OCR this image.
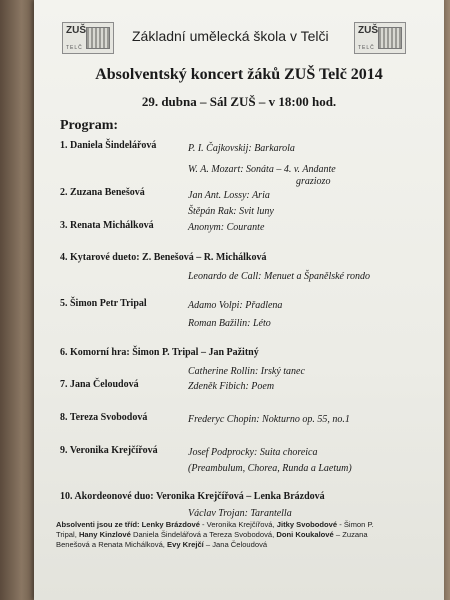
ZUŠ
TELČ
Základní umělecká škola v Telči	ZUŠ
TELČ
Absolventský koncert žáků ZUŠ Telč 2014
29. dubna – Sál ZUŠ – v 18:00 hod.
Program:
1. Daniela Šindelářová	P. I. Čajkovskij: Barkarola
W. A. Mozart: Sonáta – 4. v. Andante
graziozo
2. Zuzana Benešová	Jan Ant. Lossy: Aria
Štěpán Rak: Svit luny
3. Renata Michálková	Anonym: Courante
4. Kytarové dueto: Z. Benešová – R. Michálková
Leonardo de Call: Menuet a Španělské rondo
5. Šimon Petr Tripal	Adamo Volpi: Přadlena
Roman Bažilin: Léto
6. Komorní hra: Šimon P. Tripal – Jan Pažitný
Catherine Rollin: Irský tanec
7. Jana Čeloudová	Zdeněk Fibich: Poem
8. Tereza Svobodová	Frederyc Chopin: Nokturno op. 55, no.1
9. Veronika Krejčířová	Josef Podprocky: Suita choreica
(Preambulum, Chorea, Runda a Laetum)
10. Akordeonové duo: Veronika Krejčířová – Lenka Brázdová
Václav Trojan: Tarantella
Absolventi jsou ze tříd: Lenky Brázdové - Veronika Krejčířová, Jitky Svobodové - Šimon P. Tripal, Hany Kinzlové Daniela Šindelářová a Tereza Svobodová, Doni Koukalové – Zuzana Benešová a Renata Michálková, Evy Krejčí – Jana Čeloudová
